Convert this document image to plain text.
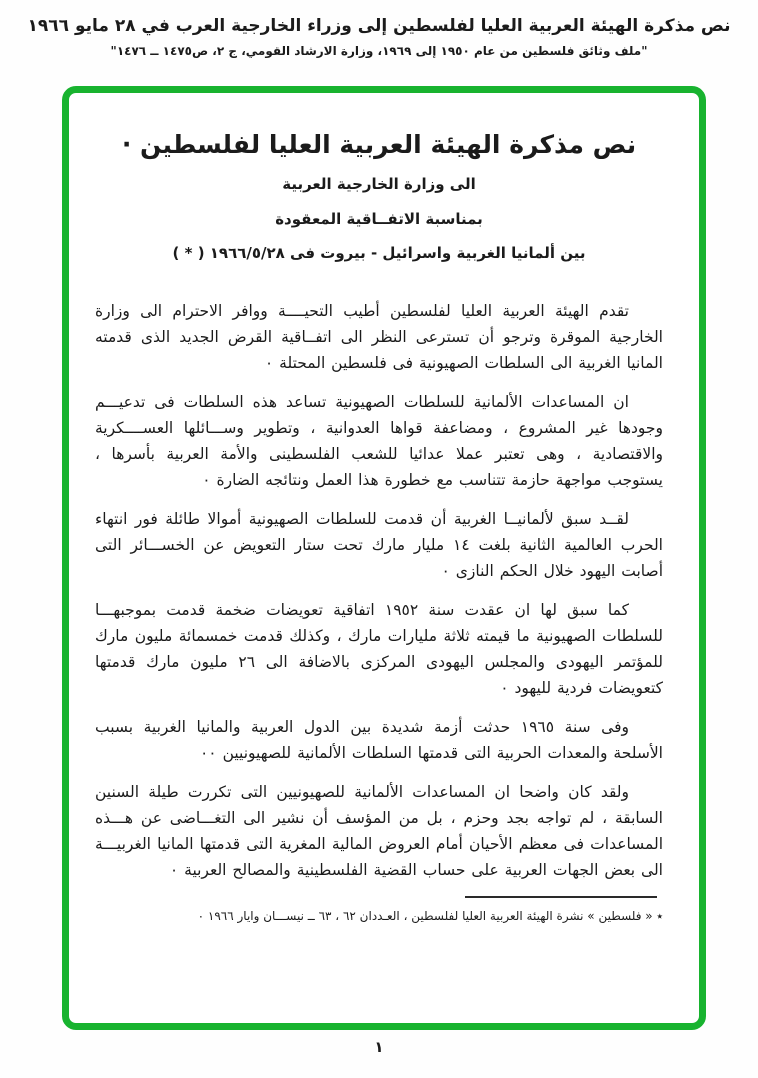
نص مذكرة الهيئة العربية العليا لفلسطين إلى وزراء الخارجية العرب في ٢٨ مايو ١٩٦٦
"ملف وثائق فلسطين من عام ١٩٥٠ إلى ١٩٦٩، وزارة الارشاد القومي، ج ٢، ص١٤٧٥ ــ ١٤٧٦"
نص مذكرة الهيئة العربية العليا لفلسطين ·
الى وزارة الخارجية العربية
بمناسبة الاتفــاقية المعقودة
بين ألمانيا الغربية واسرائيل - بيروت فى ١٩٦٦/٥/٢٨ ( * )

تقدم الهيئة العربية العليا لفلسطين أطيب التحيــــة ووافر الاحترام الى وزارة الخارجية الموقرة وترجو أن تسترعى النظر الى اتفــاقية القرض الجديد الذى قدمته المانيا الغربية الى السلطات الصهيونية فى فلسطين المحتلة ٠

ان المساعدات الألمانية للسلطات الصهيونية تساعد هذه السلطات فى تدعيـــم وجودها غير المشروع ، ومضاعفة قواها العدوانية ، وتطوير وســـائلها العســــكرية والاقتصادية ، وهى تعتبر عملا عدائيا للشعب الفلسطينى والأمة العربية بأسرها ، يستوجب مواجهة حازمة تتناسب مع خطورة هذا العمل ونتائجه الضارة ٠

لقــد سبق لألمانيــا الغربية أن قدمت للسلطات الصهيونية أموالا طائلة فور انتهاء الحرب العالمية الثانية بلغت ١٤ مليار مارك تحت ستار التعويض عن الخســـائر التى أصابت اليهود خلال الحكم النازى ٠

كما سبق لها ان عقدت سنة ١٩٥٢ اتفاقية تعويضات ضخمة قدمت بموجبهـــا للسلطات الصهيونية ما قيمته ثلاثة مليارات مارك ، وكذلك قدمت خمسمائة مليون مارك للمؤتمر اليهودى والمجلس اليهودى المركزى بالاضافة الى ٢٦ مليون مارك قدمتها كتعويضات فردية لليهود ٠

وفى سنة ١٩٦٥ حدثت أزمة شديدة بين الدول العربية والمانيا الغربية بسبب الأسلحة والمعدات الحربية التى قدمتها السلطات الألمانية للصهيونيين ٠٠

ولقد كان واضحا ان المساعدات الألمانية للصهيونيين التى تكررت طيلة السنين السابقة ، لم تواجه بجد وحزم ، بل من المؤسف أن نشير الى التغـــاضى عن هـــذه المساعدات فى معظم الأحيان أمام العروض المالية المغرية التى قدمتها المانيا الغربيـــة الى بعض الجهات العربية على حساب القضية الفلسطينية والمصالح العربية ٠

٭ « فلسطين » نشرة الهيئة العربية العليا لفلسطين ، العـددان ٦٢ ، ٦٣ ــ نيســـان وايار ١٩٦٦ ٠
١
